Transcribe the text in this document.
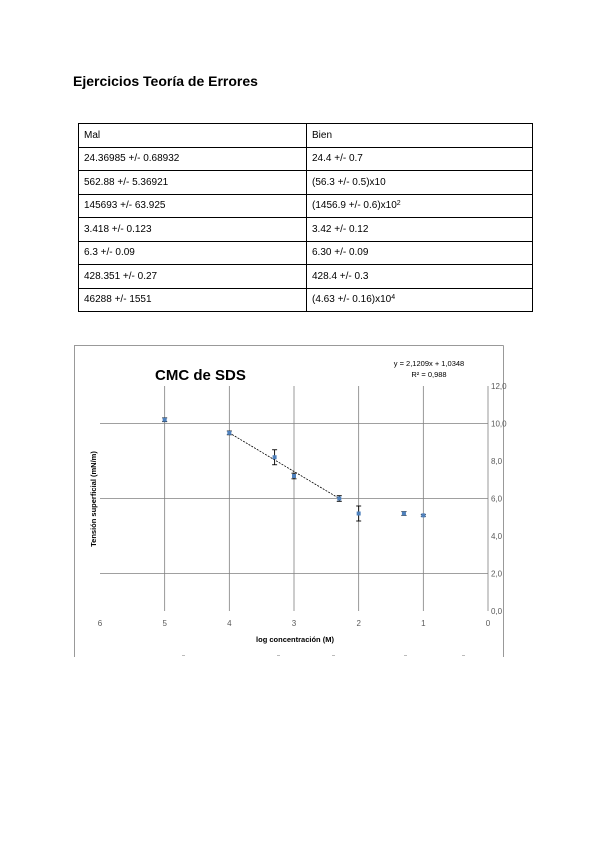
Ejercicios Teoría de Errores
Mal	Bien
24.36985 +/- 0.68932	24.4 +/- 0.7
562.88 +/- 5.36921	(56.3 +/- 0.5)x10
145693 +/- 63.925	(1456.9 +/- $0.6)x10^2$
3.418 +/- 0.123	3.42 +/- 0.12
6.3 +/- 0.09	6.30 +/- 0.09
428.351 +/- 0.27	428.4 +/- 0.3
46288 +/- 1551	(4.63 +/- $0.16)x10^4$
0,0
2,0
4,0
6,0
8,0
10,0
12,0
6	5	4	3	2	1	0
CMC de SDS
y = 2,1209x + 1,0348
R² = 0,988
log concentración (M)
Tensión superficial (mN/m)
